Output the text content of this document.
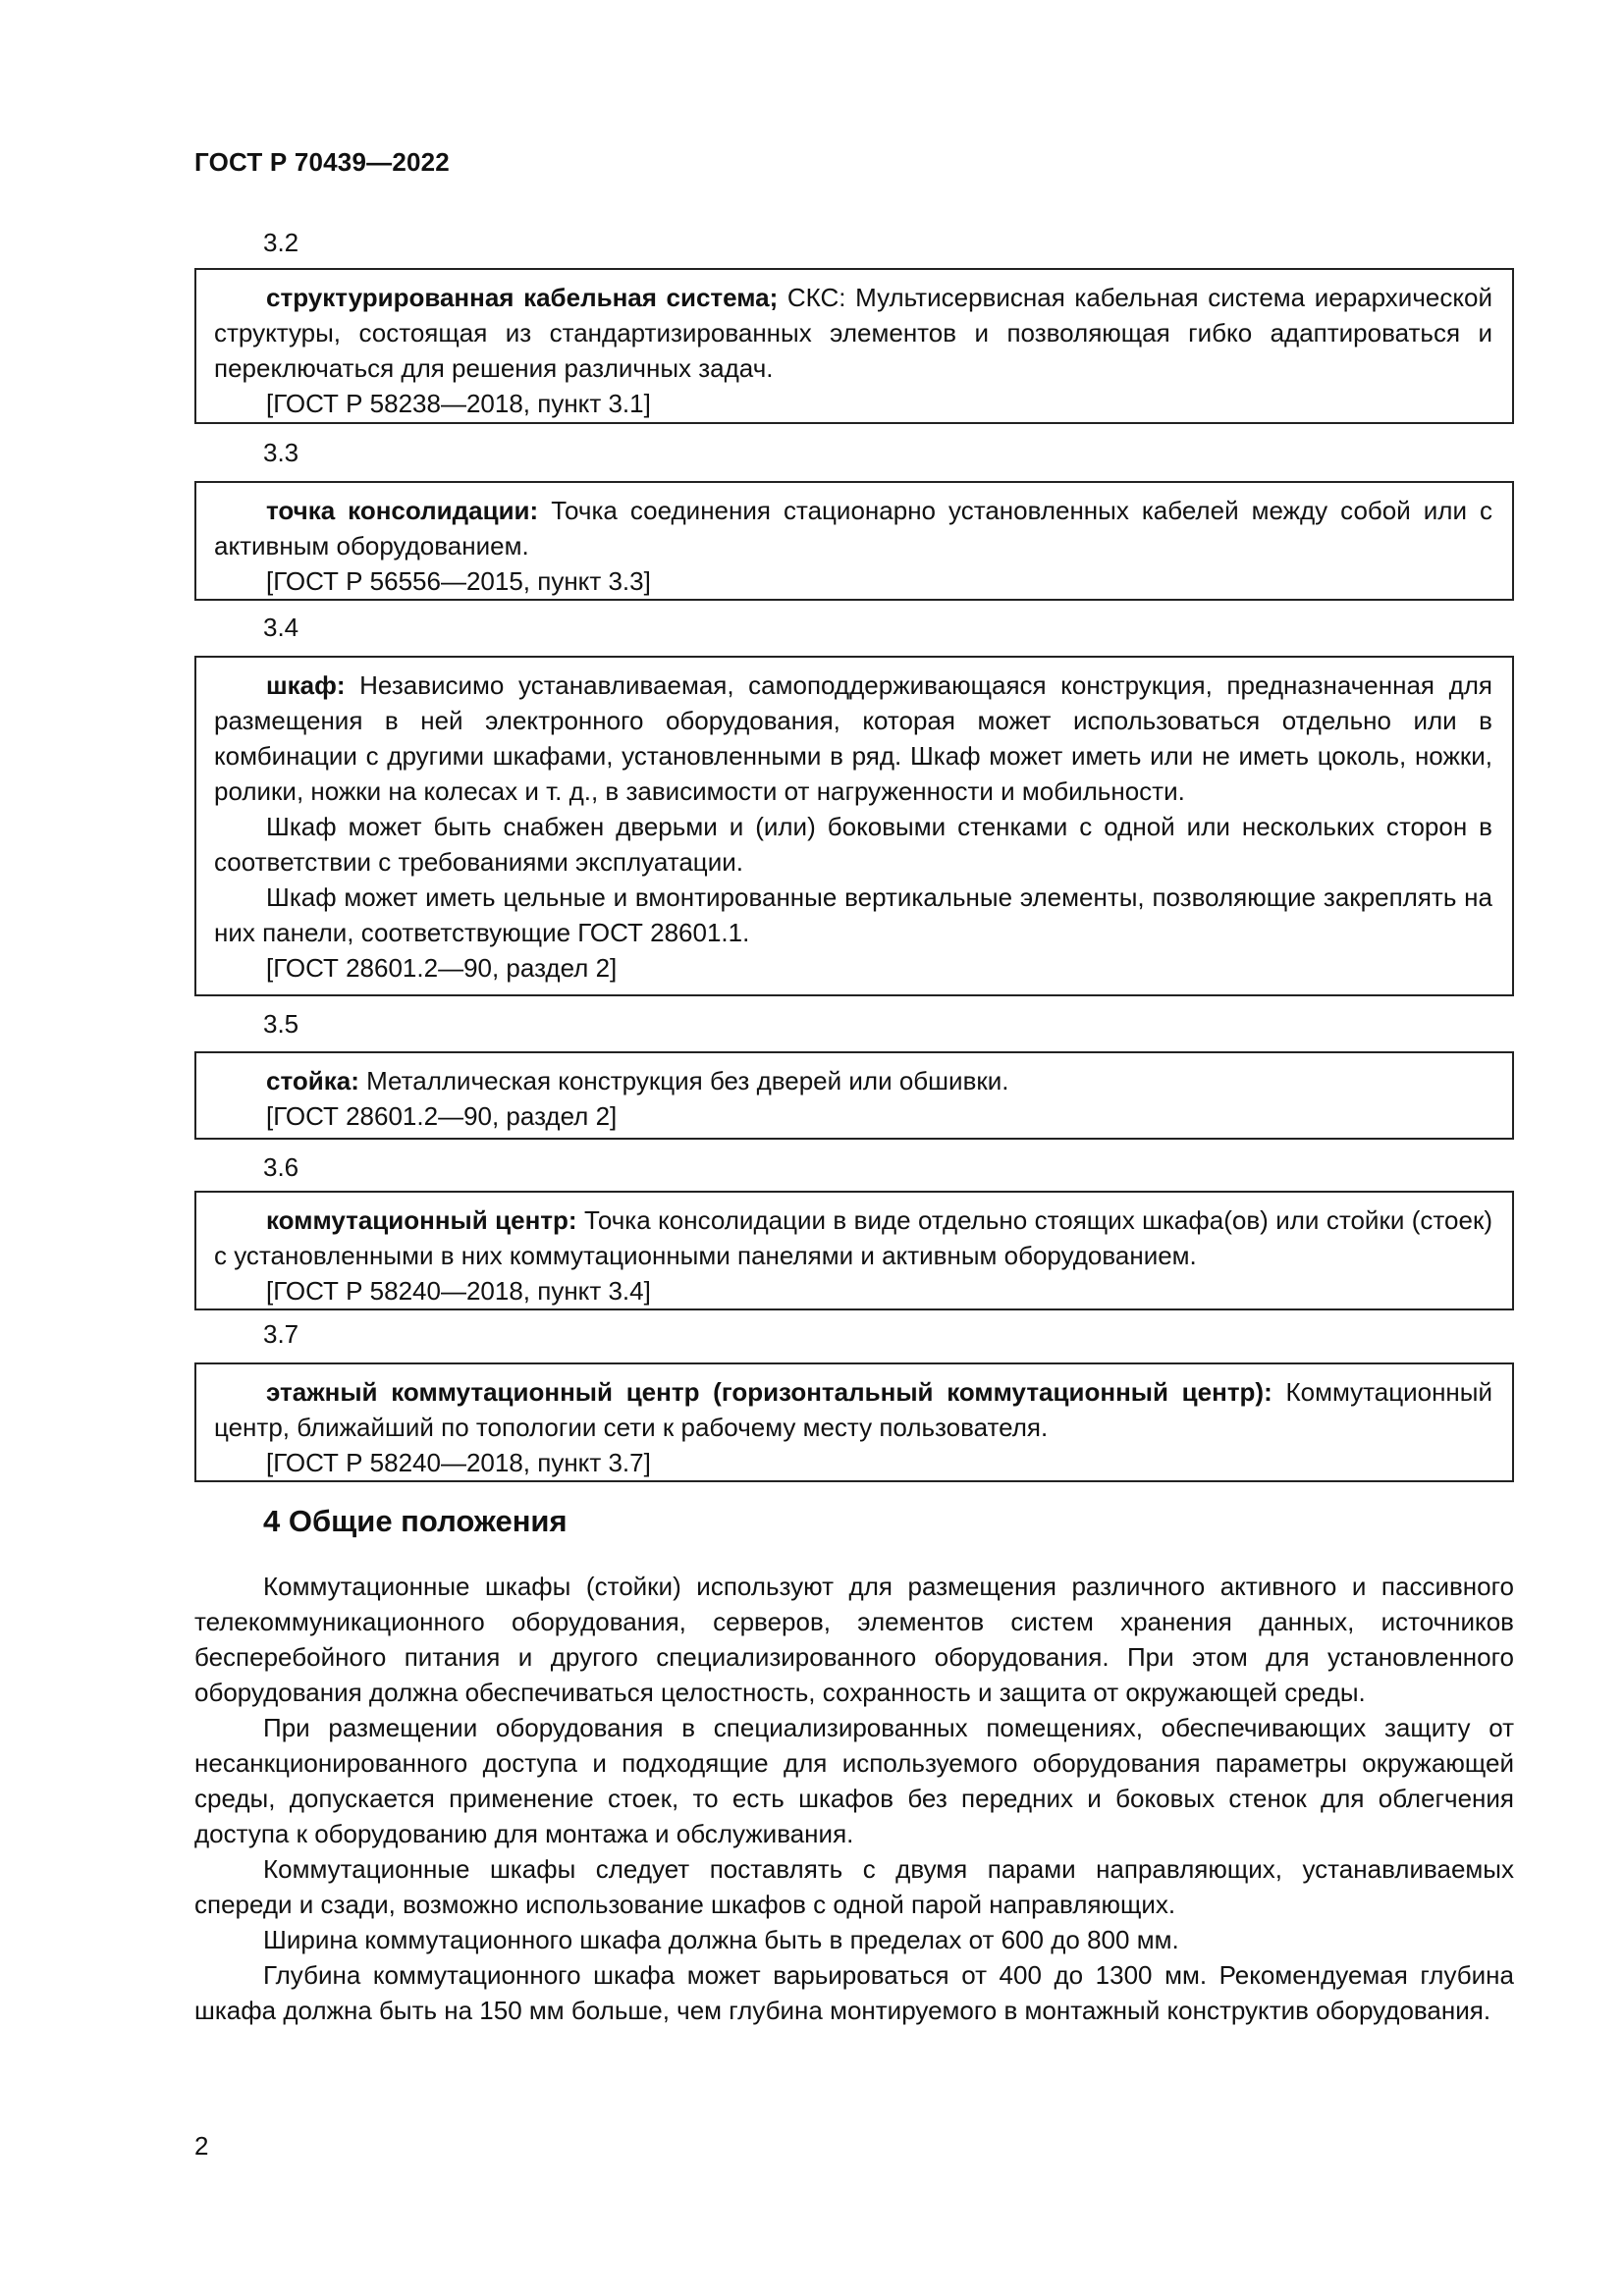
ГОСТ Р 70439—2022
3.2

структурированная кабельная система; СКС: Мультисервисная кабельная система иерархической структуры, состоящая из стандартизированных элементов и позволяющая гибко адаптироваться и переключаться для решения различных задач.

[ГОСТ Р 58238—2018, пункт 3.1]

3.3

точка консолидации: Точка соединения стационарно установленных кабелей между собой или с активным оборудованием.

[ГОСТ Р 56556—2015, пункт 3.3]

3.4

шкаф: Независимо устанавливаемая, самоподдерживающаяся конструкция, предназначенная для размещения в ней электронного оборудования, которая может использоваться отдельно или в комбинации с другими шкафами, установленными в ряд. Шкаф может иметь или не иметь цоколь, ножки, ролики, ножки на колесах и т. д., в зависимости от нагруженности и мобильности.

Шкаф может быть снабжен дверьми и (или) боковыми стенками с одной или нескольких сторон в соответствии с требованиями эксплуатации.

Шкаф может иметь цельные и вмонтированные вертикальные элементы, позволяющие закреплять на них панели, соответствующие ГОСТ 28601.1.

[ГОСТ 28601.2—90, раздел 2]

3.5

стойка: Металлическая конструкция без дверей или обшивки.

[ГОСТ 28601.2—90, раздел 2]

3.6

коммутационный центр: Точка консолидации в виде отдельно стоящих шкафа(ов) или стойки (стоек) с установленными в них коммутационными панелями и активным оборудованием.

[ГОСТ Р 58240—2018, пункт 3.4]

3.7

этажный коммутационный центр (горизонтальный коммутационный центр): Коммутационный центр, ближайший по топологии сети к рабочему месту пользователя.

[ГОСТ Р 58240—2018, пункт 3.7]

4 Общие положения

Коммутационные шкафы (стойки) используют для размещения различного активного и пассивного телекоммуникационного оборудования, серверов, элементов систем хранения данных, источников бесперебойного питания и другого специализированного оборудования. При этом для установленного оборудования должна обеспечиваться целостность, сохранность и защита от окружающей среды.

При размещении оборудования в специализированных помещениях, обеспечивающих защиту от несанкционированного доступа и подходящие для используемого оборудования параметры окружающей среды, допускается применение стоек, то есть шкафов без передних и боковых стенок для облегчения доступа к оборудованию для монтажа и обслуживания.

Коммутационные шкафы следует поставлять с двумя парами направляющих, устанавливаемых спереди и сзади, возможно использование шкафов с одной парой направляющих.

Ширина коммутационного шкафа должна быть в пределах от 600 до 800 мм.

Глубина коммутационного шкафа может варьироваться от 400 до 1300 мм. Рекомендуемая глубина шкафа должна быть на 150 мм больше, чем глубина монтируемого в монтажный конструктив оборудования.

2
